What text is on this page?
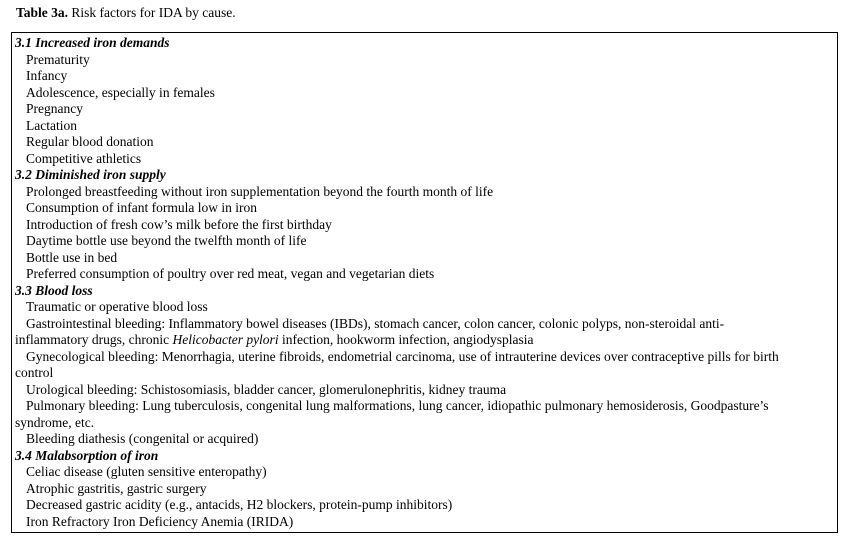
Table 3a. Risk factors for IDA by cause.
3.1 Increased iron demands
Prematurity
Infancy
Adolescence, especially in females
Pregnancy
Lactation
Regular blood donation
Competitive athletics
3.2 Diminished iron supply
Prolonged breastfeeding without iron supplementation beyond the fourth month of life
Consumption of infant formula low in iron
Introduction of fresh cow’s milk before the first birthday
Daytime bottle use beyond the twelfth month of life
Bottle use in bed
Preferred consumption of poultry over red meat, vegan and vegetarian diets
3.3 Blood loss
Traumatic or operative blood loss
Gastrointestinal bleeding: Inflammatory bowel diseases (IBDs), stomach cancer, colon cancer, colonic polyps, non-steroidal anti-
inflammatory drugs, chronic Helicobacter pylori infection, hookworm infection, angiodysplasia
Gynecological bleeding: Menorrhagia, uterine fibroids, endometrial carcinoma, use of intrauterine devices over contraceptive pills for birth
control
Urological bleeding: Schistosomiasis, bladder cancer, glomerulonephritis, kidney trauma
Pulmonary bleeding: Lung tuberculosis, congenital lung malformations, lung cancer, idiopathic pulmonary hemosiderosis, Goodpasture’s
syndrome, etc.
Bleeding diathesis (congenital or acquired)
3.4 Malabsorption of iron
Celiac disease (gluten sensitive enteropathy)
Atrophic gastritis, gastric surgery
Decreased gastric acidity (e.g., antacids, H2 blockers, protein-pump inhibitors)
Iron Refractory Iron Deficiency Anemia (IRIDA)
